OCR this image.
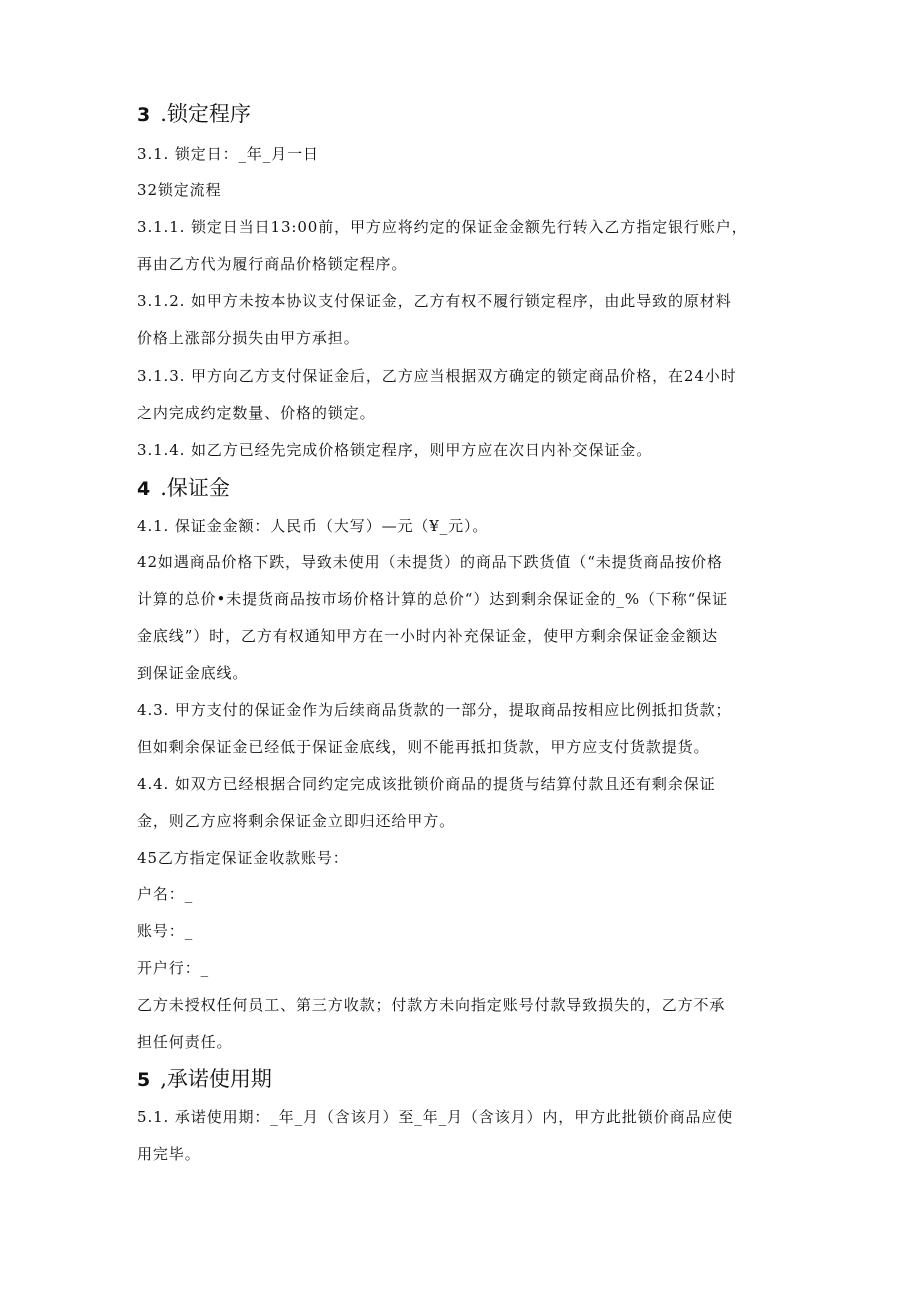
3 .锁定程序
3.1. 锁定日：_年_月一日
32锁定流程
3.1.1. 锁定日当日13:00前，甲方应将约定的保证金金额先行转入乙方指定银行账户，
再由乙方代为履行商品价格锁定程序。
3.1.2. 如甲方未按本协议支付保证金，乙方有权不履行锁定程序，由此导致的原材料
价格上涨部分损失由甲方承担。
3.1.3. 甲方向乙方支付保证金后，乙方应当根据双方确定的锁定商品价格，在24小时
之内完成约定数量、价格的锁定。
3.1.4. 如乙方已经先完成价格锁定程序，则甲方应在次日内补交保证金。
4 .保证金
4.1. 保证金金额：人民币（大写）—元（¥_元）。
42如遇商品价格下跌，导致未使用（未提货）的商品下跌货值（“未提货商品按价格
计算的总价•未提货商品按市场价格计算的总价“）达到剩余保证金的_%（下称“保证
金底线”）时，乙方有权通知甲方在一小时内补充保证金，使甲方剩余保证金金额达
到保证金底线。
4.3. 甲方支付的保证金作为后续商品货款的一部分，提取商品按相应比例抵扣货款；
但如剩余保证金已经低于保证金底线，则不能再抵扣货款，甲方应支付货款提货。
4.4. 如双方已经根据合同约定完成该批锁价商品的提货与结算付款且还有剩余保证
金，则乙方应将剩余保证金立即归还给甲方。
45乙方指定保证金收款账号：
户名：_
账号：_
开户行：_
乙方未授权任何员工、第三方收款；付款方未向指定账号付款导致损失的，乙方不承
担任何责任。
5 ,承诺使用期
5.1. 承诺使用期：_年_月（含该月）至_年_月（含该月）内，甲方此批锁价商品应使
用完毕。
